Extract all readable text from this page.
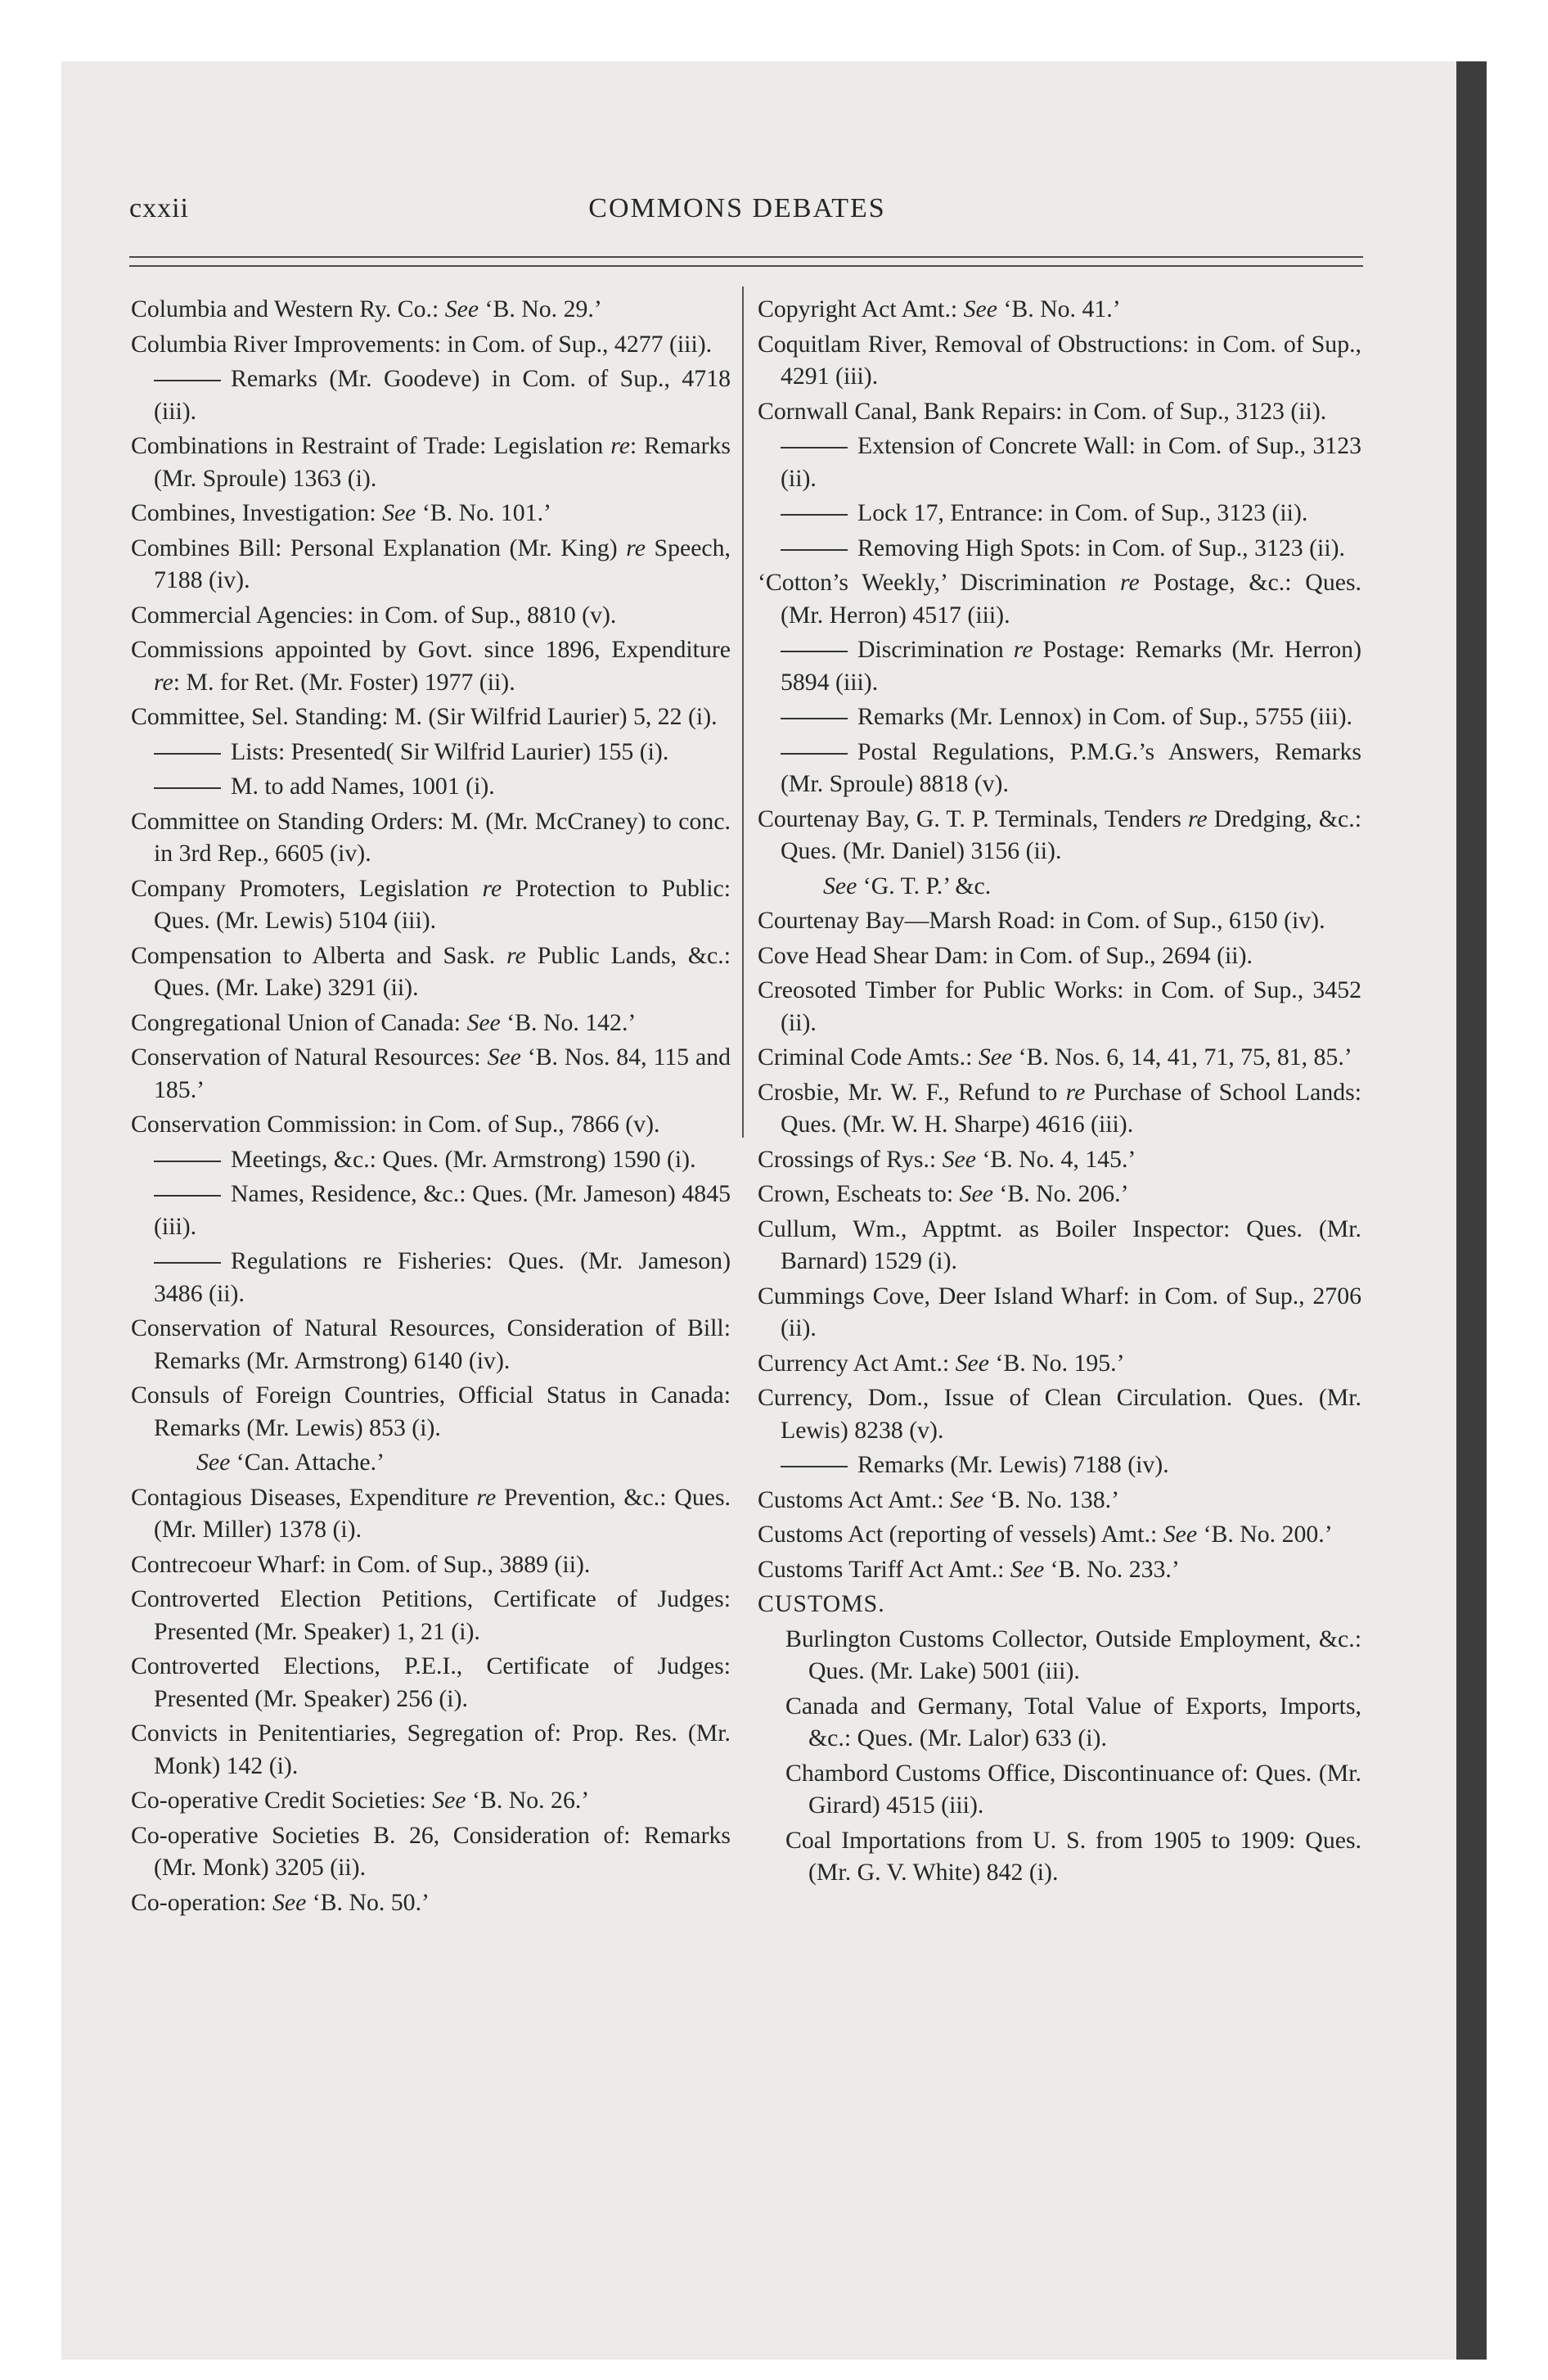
cxxii	COMMONS DEBATES

Columbia and Western Ry. Co.: See ‘B. No. 29.’

Columbia River Improvements: in Com. of Sup., 4277 (iii).

Remarks (Mr. Goodeve) in Com. of Sup., 4718 (iii).

Combinations in Restraint of Trade: Legislation re: Remarks (Mr. Sproule) 1363 (i).

Combines, Investigation: See ‘B. No. 101.’

Combines Bill: Personal Explanation (Mr. King) re Speech, 7188 (iv).

Commercial Agencies: in Com. of Sup., 8810 (v).

Commissions appointed by Govt. since 1896, Expenditure re: M. for Ret. (Mr. Foster) 1977 (ii).

Committee, Sel. Standing: M. (Sir Wilfrid Laurier) 5, 22 (i).

Lists: Presented( Sir Wilfrid Laurier) 155 (i).

M. to add Names, 1001 (i).

Committee on Standing Orders: M. (Mr. McCraney) to conc. in 3rd Rep., 6605 (iv).

Company Promoters, Legislation re Protection to Public: Ques. (Mr. Lewis) 5104 (iii).

Compensation to Alberta and Sask. re Public Lands, &c.: Ques. (Mr. Lake) 3291 (ii).

Congregational Union of Canada: See ‘B. No. 142.’

Conservation of Natural Resources: See ‘B. Nos. 84, 115 and 185.’

Conservation Commission: in Com. of Sup., 7866 (v).

Meetings, &c.: Ques. (Mr. Armstrong) 1590 (i).

Names, Residence, &c.: Ques. (Mr. Jameson) 4845 (iii).

Regulations re Fisheries: Ques. (Mr. Jameson) 3486 (ii).

Conservation of Natural Resources, Consideration of Bill: Remarks (Mr. Armstrong) 6140 (iv).

Consuls of Foreign Countries, Official Status in Canada: Remarks (Mr. Lewis) 853 (i).

See ‘Can. Attache.’

Contagious Diseases, Expenditure re Prevention, &c.: Ques. (Mr. Miller) 1378 (i).

Contrecoeur Wharf: in Com. of Sup., 3889 (ii).

Controverted Election Petitions, Certificate of Judges: Presented (Mr. Speaker) 1, 21 (i).

Controverted Elections, P.E.I., Certificate of Judges: Presented (Mr. Speaker) 256 (i).

Convicts in Penitentiaries, Segregation of: Prop. Res. (Mr. Monk) 142 (i).

Co-operative Credit Societies: See ‘B. No. 26.’

Co-operative Societies B. 26, Consideration of: Remarks (Mr. Monk) 3205 (ii).

Co-operation: See ‘B. No. 50.’

Copyright Act Amt.: See ‘B. No. 41.’

Coquitlam River, Removal of Obstructions: in Com. of Sup., 4291 (iii).

Cornwall Canal, Bank Repairs: in Com. of Sup., 3123 (ii).

Extension of Concrete Wall: in Com. of Sup., 3123 (ii).

Lock 17, Entrance: in Com. of Sup., 3123 (ii).

Removing High Spots: in Com. of Sup., 3123 (ii).

‘Cotton’s Weekly,’ Discrimination re Postage, &c.: Ques. (Mr. Herron) 4517 (iii).

Discrimination re Postage: Remarks (Mr. Herron) 5894 (iii).

Remarks (Mr. Lennox) in Com. of Sup., 5755 (iii).

Postal Regulations, P.M.G.’s Answers, Remarks (Mr. Sproule) 8818 (v).

Courtenay Bay, G. T. P. Terminals, Tenders re Dredging, &c.: Ques. (Mr. Daniel) 3156 (ii).

See ‘G. T. P.’ &c.

Courtenay Bay—Marsh Road: in Com. of Sup., 6150 (iv).

Cove Head Shear Dam: in Com. of Sup., 2694 (ii).

Creosoted Timber for Public Works: in Com. of Sup., 3452 (ii).

Criminal Code Amts.: See ‘B. Nos. 6, 14, 41, 71, 75, 81, 85.’

Crosbie, Mr. W. F., Refund to re Purchase of School Lands: Ques. (Mr. W. H. Sharpe) 4616 (iii).

Crossings of Rys.: See ‘B. No. 4, 145.’

Crown, Escheats to: See ‘B. No. 206.’

Cullum, Wm., Apptmt. as Boiler Inspector: Ques. (Mr. Barnard) 1529 (i).

Cummings Cove, Deer Island Wharf: in Com. of Sup., 2706 (ii).

Currency Act Amt.: See ‘B. No. 195.’

Currency, Dom., Issue of Clean Circulation. Ques. (Mr. Lewis) 8238 (v).

Remarks (Mr. Lewis) 7188 (iv).

Customs Act Amt.: See ‘B. No. 138.’

Customs Act (reporting of vessels) Amt.: See ‘B. No. 200.’

Customs Tariff Act Amt.: See ‘B. No. 233.’

CUSTOMS.

Burlington Customs Collector, Outside Employment, &c.: Ques. (Mr. Lake) 5001 (iii).

Canada and Germany, Total Value of Exports, Imports, &c.: Ques. (Mr. Lalor) 633 (i).

Chambord Customs Office, Discontinuance of: Ques. (Mr. Girard) 4515 (iii).

Coal Importations from U. S. from 1905 to 1909: Ques. (Mr. G. V. White) 842 (i).
